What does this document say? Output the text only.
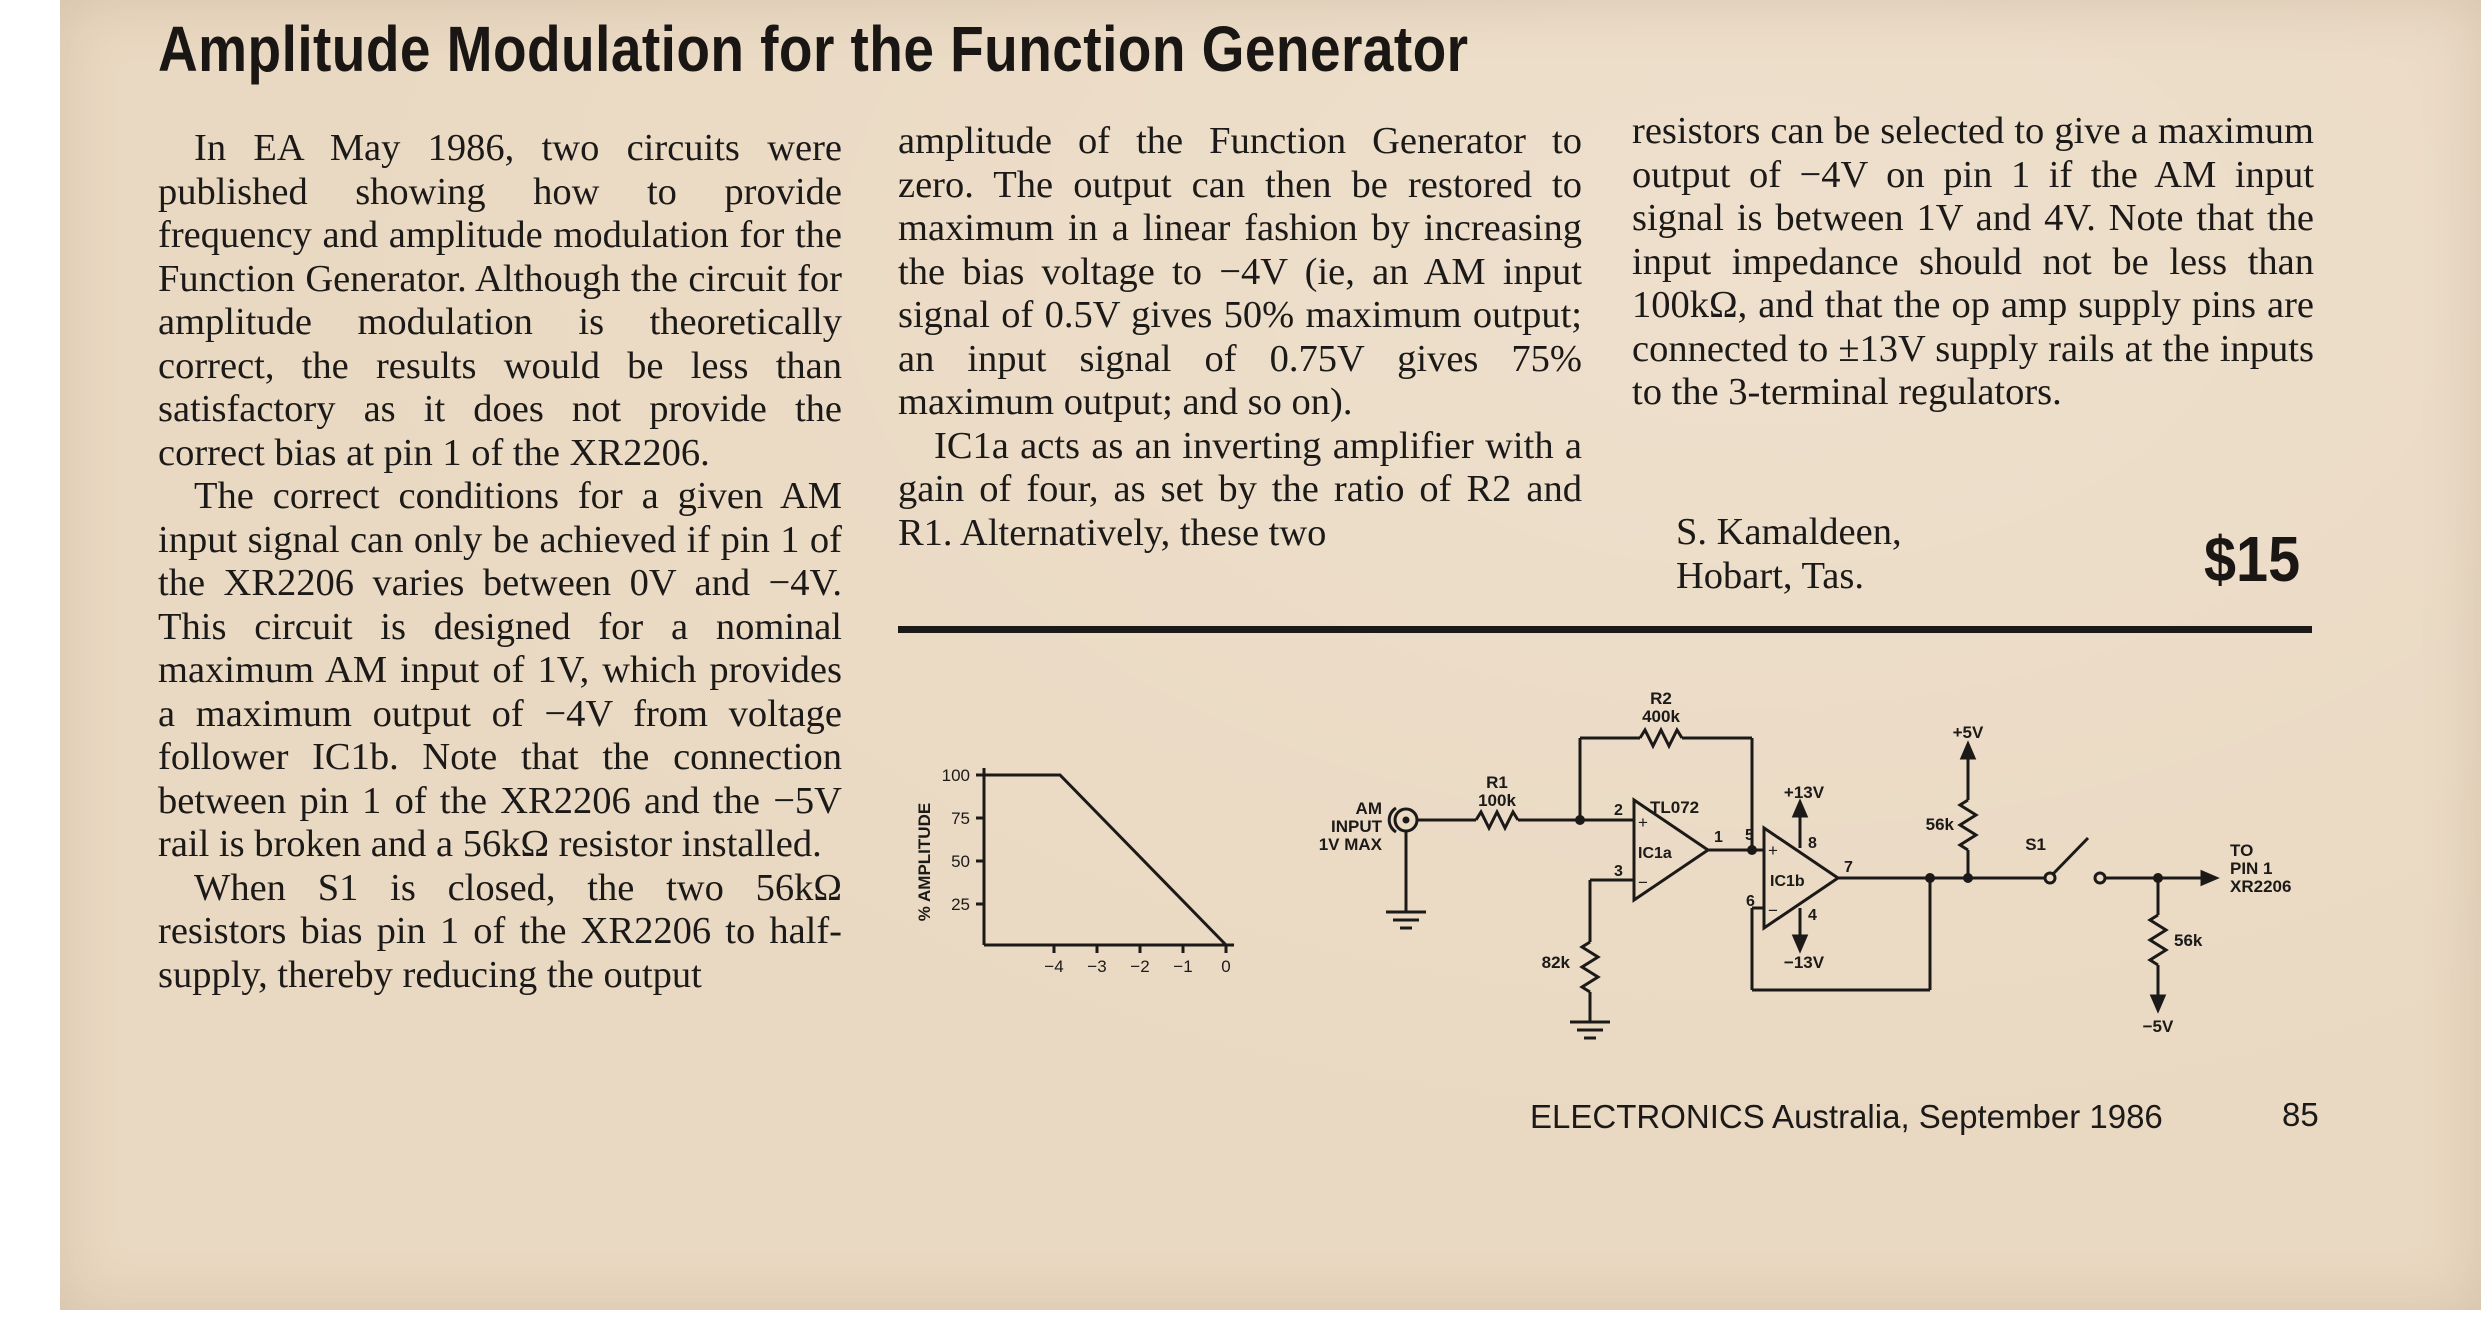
Amplitude Modulation for the Function Generator

In EA May 1986, two circuits were published showing how to provide frequency and amplitude modulation for the Function Generator. Although the circuit for amplitude modulation is theoretically correct, the results would be less than satisfactory as it does not provide the correct bias at pin 1 of the XR2206.

The correct conditions for a given AM input signal can only be achieved if pin 1 of the XR2206 varies between 0V and −4V. This circuit is designed for a nominal maximum AM input of 1V, which provides a maximum output of −4V from voltage follower IC1b. Note that the connection between pin 1 of the XR2206 and the −5V rail is broken and a 56kΩ resistor installed.

When S1 is closed, the two 56kΩ resistors bias pin 1 of the XR2206 to half-supply, thereby reducing the output

amplitude of the Function Generator to zero. The output can then be restored to maximum in a linear fashion by increasing the bias voltage to −4V (ie, an AM input signal of 0.5V gives 50% maximum output; an input signal of 0.75V gives 75% maximum output; and so on).

IC1a acts as an inverting amplifier with a gain of four, as set by the ratio of R2 and R1. Alternatively, these two

resistors can be selected to give a maximum output of −4V on pin 1 if the AM input signal is between 1V and 4V. Note that the input impedance should not be less than 100kΩ, and that the op amp supply pins are connected to ±13V supply rails at the inputs to the 3-terminal regulators.

S. Kamaldeen,
Hobart, Tas.	$15
% AMPLITUDE
100
75
50
25
−4 −3 −2 −1 0
AM
INPUT
1V MAX
R1
100k
R2
400k
TL072
IC1a
IC1b
+
−
+
−
2
3
1 5
6
7
8
4
+13V
−13V
+5V
−5V
82k
56k
56k
S1	TO
PIN 1
XR2206
ELECTRONICS Australia, September 1986	85
